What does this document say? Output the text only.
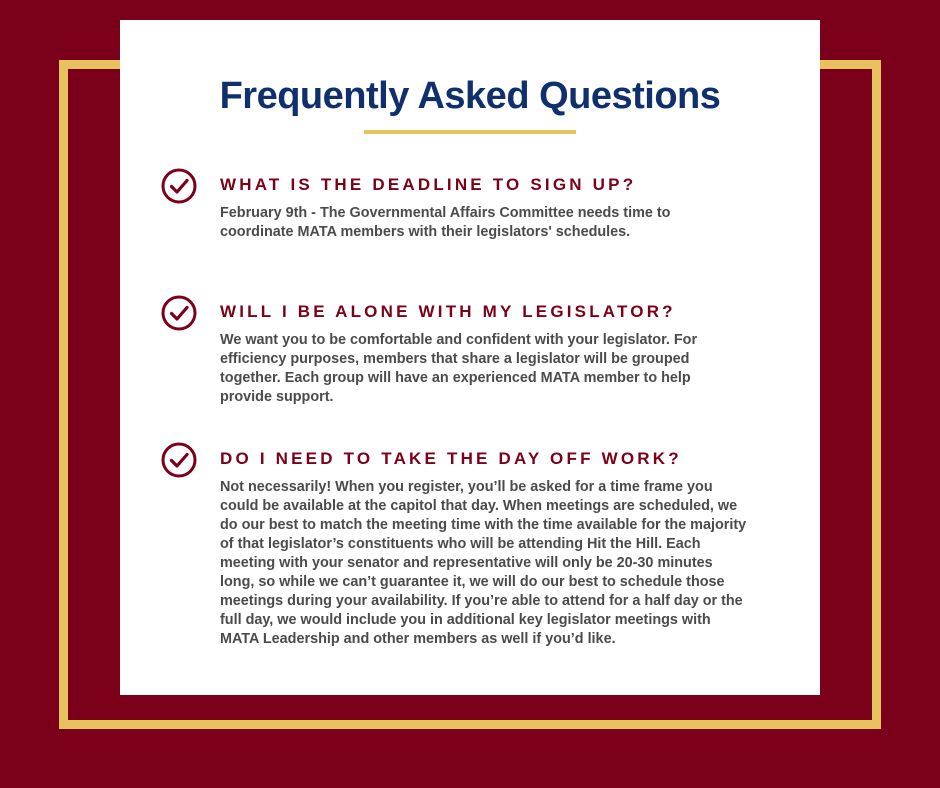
Frequently Asked Questions
WHAT IS THE DEADLINE TO SIGN UP?

February 9th - The Governmental Affairs Committee needs time to coordinate MATA members with their legislators' schedules.

WILL I BE ALONE WITH MY LEGISLATOR?

We want you to be comfortable and confident with your legislator. For efficiency purposes, members that share a legislator will be grouped together. Each group will have an experienced MATA member to help provide support.

DO I NEED TO TAKE THE DAY OFF WORK?

Not necessarily! When you register, you’ll be asked for a time frame you could be available at the capitol that day. When meetings are scheduled, we do our best to match the meeting time with the time available for the majority of that legislator’s constituents who will be attending Hit the Hill. Each meeting with your senator and representative will only be 20-30 minutes long, so while we can’t guarantee it, we will do our best to schedule those meetings during your availability. If you’re able to attend for a half day or the full day, we would include you in additional key legislator meetings with MATA Leadership and other members as well if you’d like.
